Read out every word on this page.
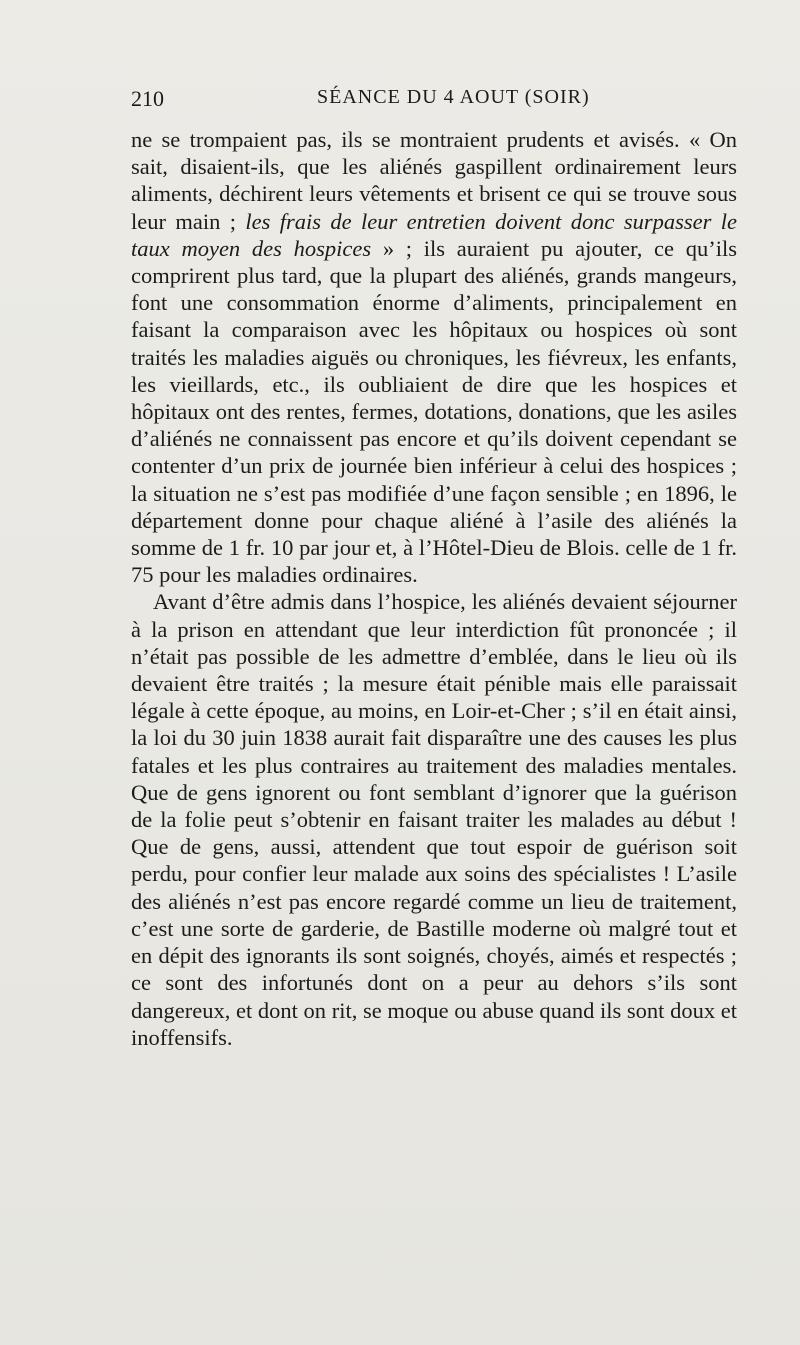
210	SÉANCE DU 4 AOUT (SOIR)

ne se trompaient pas, ils se montraient prudents et avisés. « On sait, disaient-ils, que les aliénés gaspillent ordinairement leurs aliments, déchirent leurs vêtements et brisent ce qui se trouve sous leur main ; les frais de leur entretien doivent donc surpasser le taux moyen des hospices » ; ils auraient pu ajouter, ce qu’ils comprirent plus tard, que la plupart des aliénés, grands mangeurs, font une consommation énorme d’aliments, principalement en faisant la comparaison avec les hôpitaux ou hospices où sont traités les maladies aiguës ou chroniques, les fiévreux, les enfants, les vieillards, etc., ils oubliaient de dire que les hospices et hôpitaux ont des rentes, fermes, dotations, donations, que les asiles d’aliénés ne connaissent pas encore et qu’ils doivent cependant se contenter d’un prix de journée bien inférieur à celui des hospices ; la situation ne s’est pas modifiée d’une façon sensible ; en 1896, le département donne pour chaque aliéné à l’asile des aliénés la somme de 1 fr. 10 par jour et, à l’Hôtel-Dieu de Blois. celle de 1 fr. 75 pour les maladies ordinaires.

Avant d’être admis dans l’hospice, les aliénés devaient séjourner à la prison en attendant que leur interdiction fût prononcée ; il n’était pas possible de les admettre d’emblée, dans le lieu où ils devaient être traités ; la mesure était pénible mais elle paraissait légale à cette époque, au moins, en Loir-et-Cher ; s’il en était ainsi, la loi du 30 juin 1838 aurait fait disparaître une des causes les plus fatales et les plus contraires au traitement des maladies mentales. Que de gens ignorent ou font semblant d’ignorer que la guérison de la folie peut s’obtenir en faisant traiter les malades au début ! Que de gens, aussi, attendent que tout espoir de guérison soit perdu, pour confier leur malade aux soins des spécialistes ! L’asile des aliénés n’est pas encore regardé comme un lieu de traitement, c’est une sorte de garderie, de Bastille moderne où malgré tout et en dépit des ignorants ils sont soignés, choyés, aimés et respectés ; ce sont des infortunés dont on a peur au dehors s’ils sont dangereux, et dont on rit, se moque ou abuse quand ils sont doux et inoffensifs.
